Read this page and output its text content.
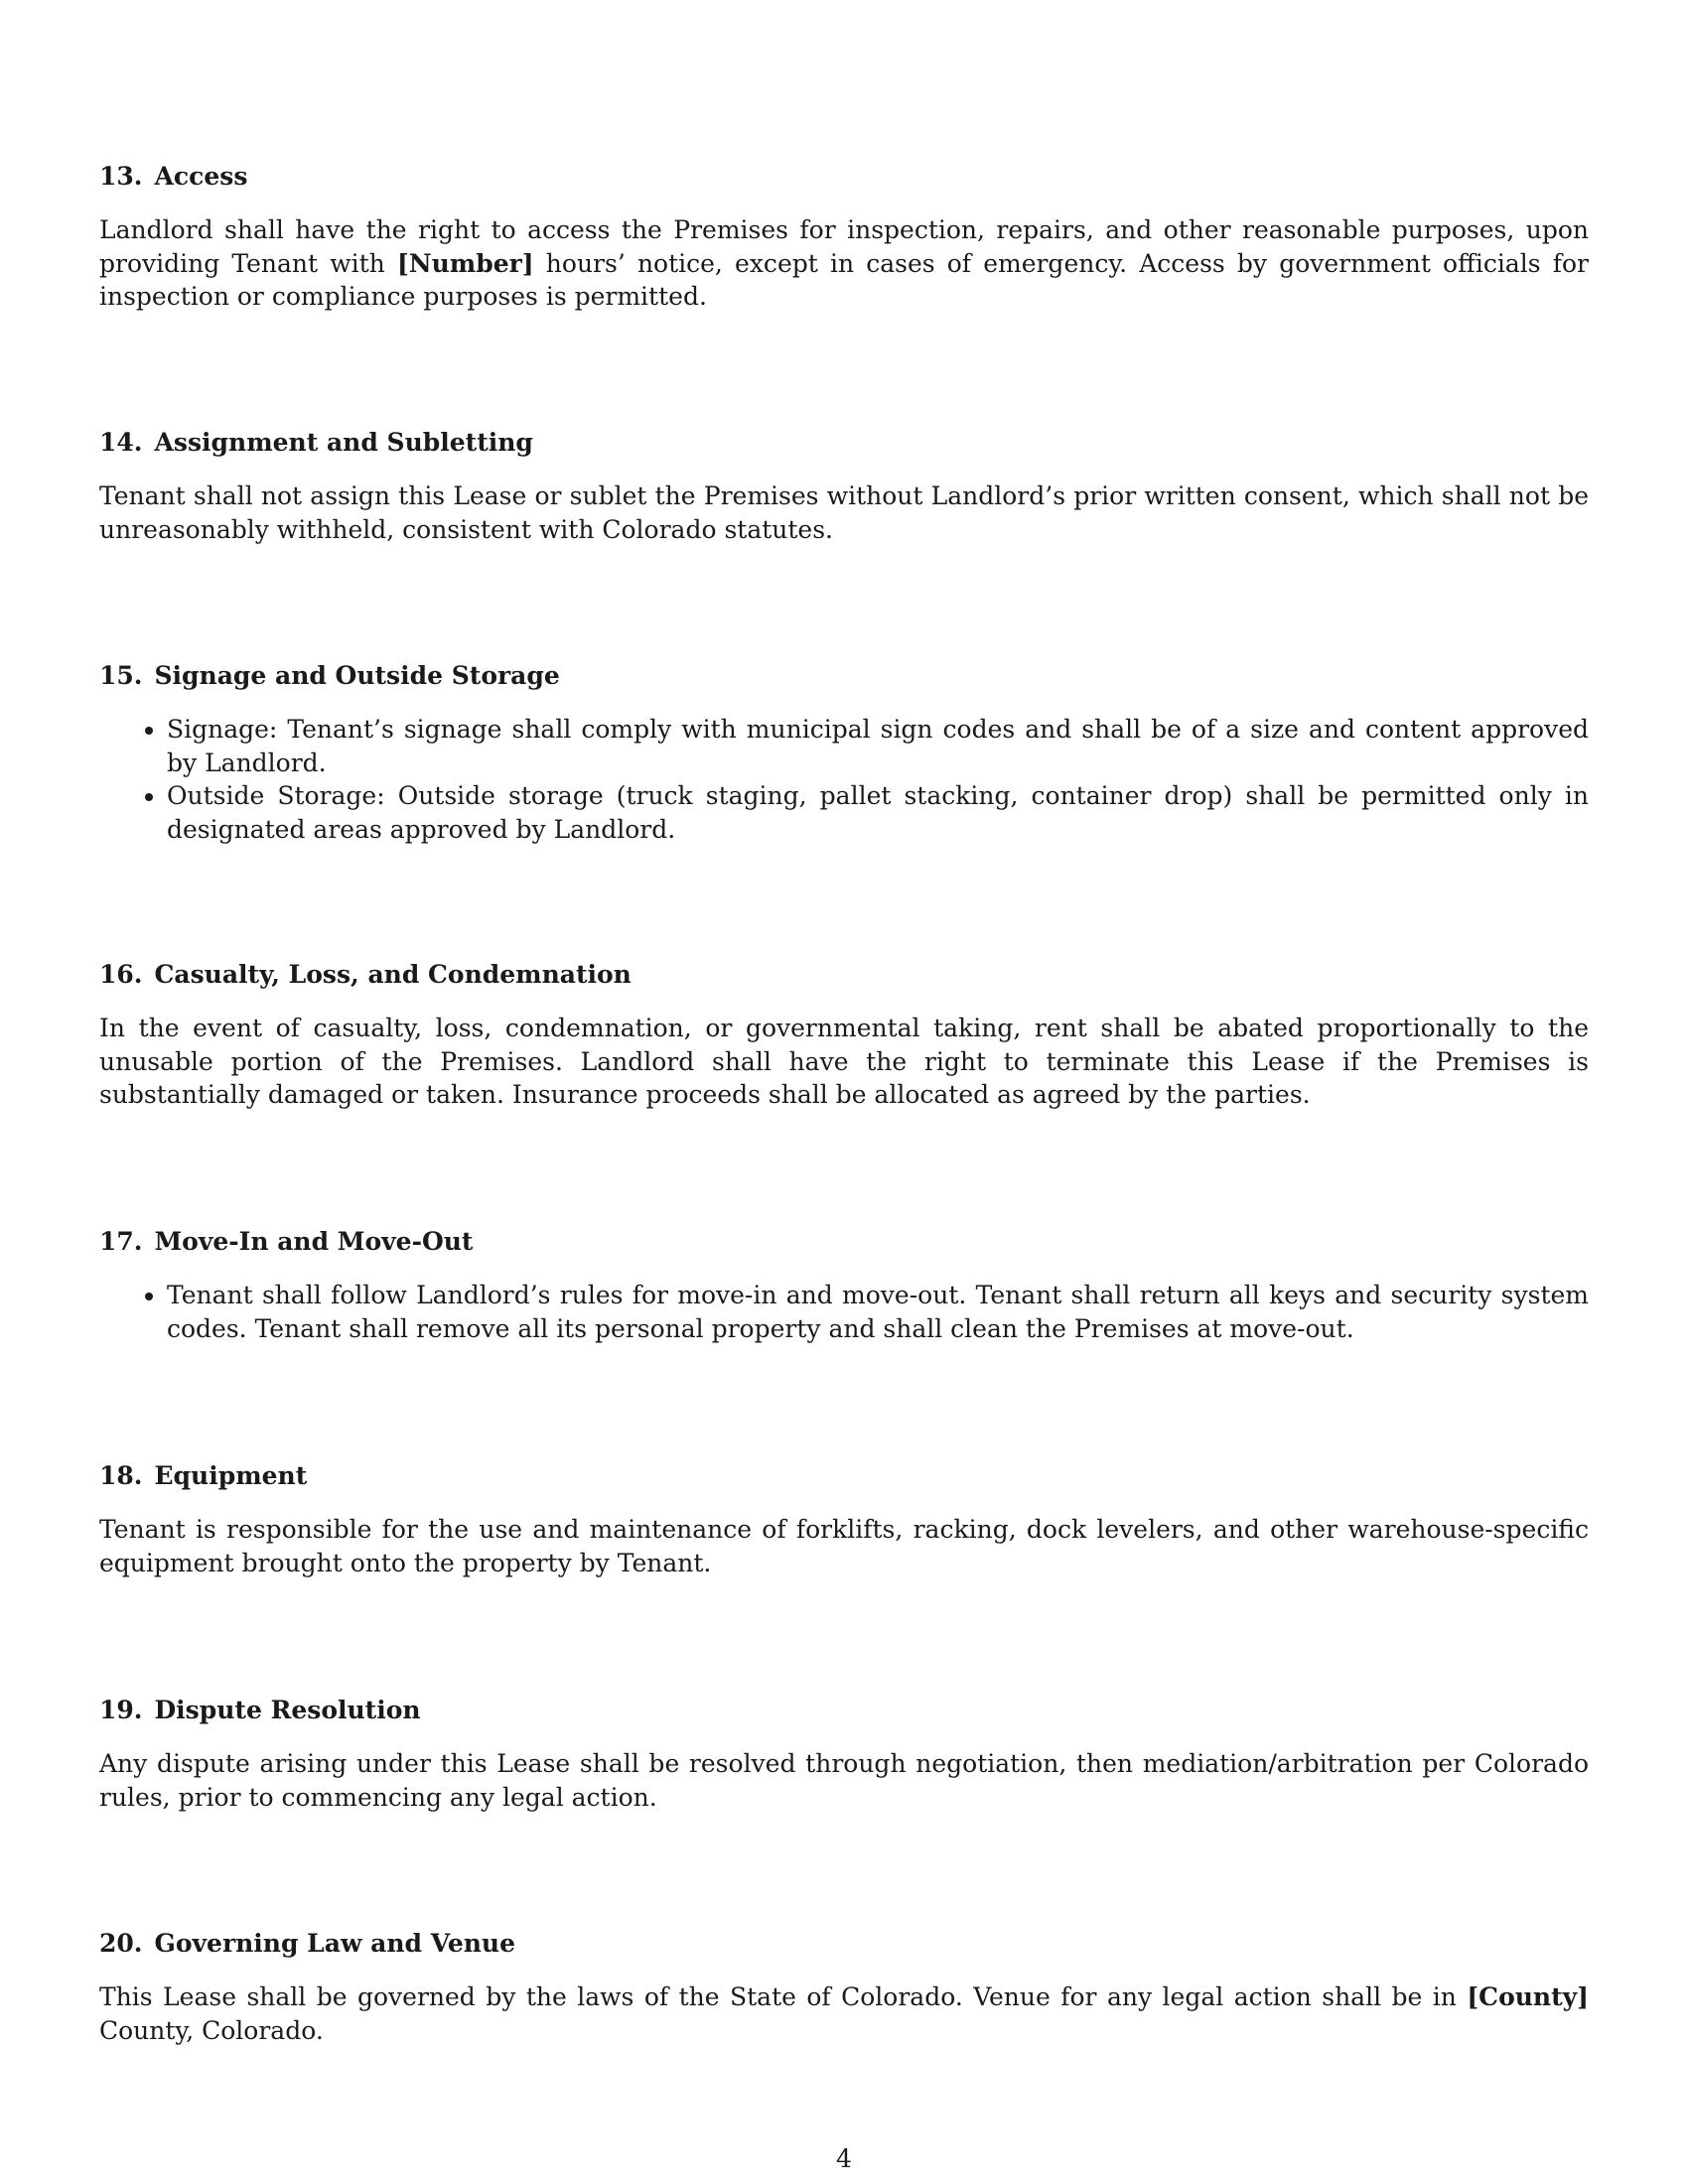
13. Access

Landlord shall have the right to access the Premises for inspection, repairs, and other reasonable purposes, upon providing Tenant with [Number] hours’ notice, except in cases of emergency. Access by government officials for inspection or compliance purposes is permitted.

14. Assignment and Subletting

Tenant shall not assign this Lease or sublet the Premises without Landlord’s prior written consent, which shall not be unreasonably withheld, consistent with Colorado statutes.

15. Signage and Outside Storage
• Signage: Tenant’s signage shall comply with municipal sign codes and shall be of a size and content approved by Landlord.
• Outside Storage: Outside storage (truck staging, pallet stacking, container drop) shall be permitted only in designated areas approved by Landlord.
16. Casualty, Loss, and Condemnation

In the event of casualty, loss, condemnation, or governmental taking, rent shall be abated proportionally to the unusable portion of the Premises. Landlord shall have the right to terminate this Lease if the Premises is substantially damaged or taken. Insurance proceeds shall be allocated as agreed by the parties.

17. Move-In and Move-Out
• Tenant shall follow Landlord’s rules for move-in and move-out. Tenant shall return all keys and security system codes. Tenant shall remove all its personal property and shall clean the Premises at move-out.
18. Equipment

Tenant is responsible for the use and maintenance of forklifts, racking, dock levelers, and other warehouse-specific equipment brought onto the property by Tenant.

19. Dispute Resolution

Any dispute arising under this Lease shall be resolved through negotiation, then mediation/arbitration per Colorado rules, prior to commencing any legal action.

20. Governing Law and Venue

This Lease shall be governed by the laws of the State of Colorado. Venue for any legal action shall be in [County] County, Colorado.

4
